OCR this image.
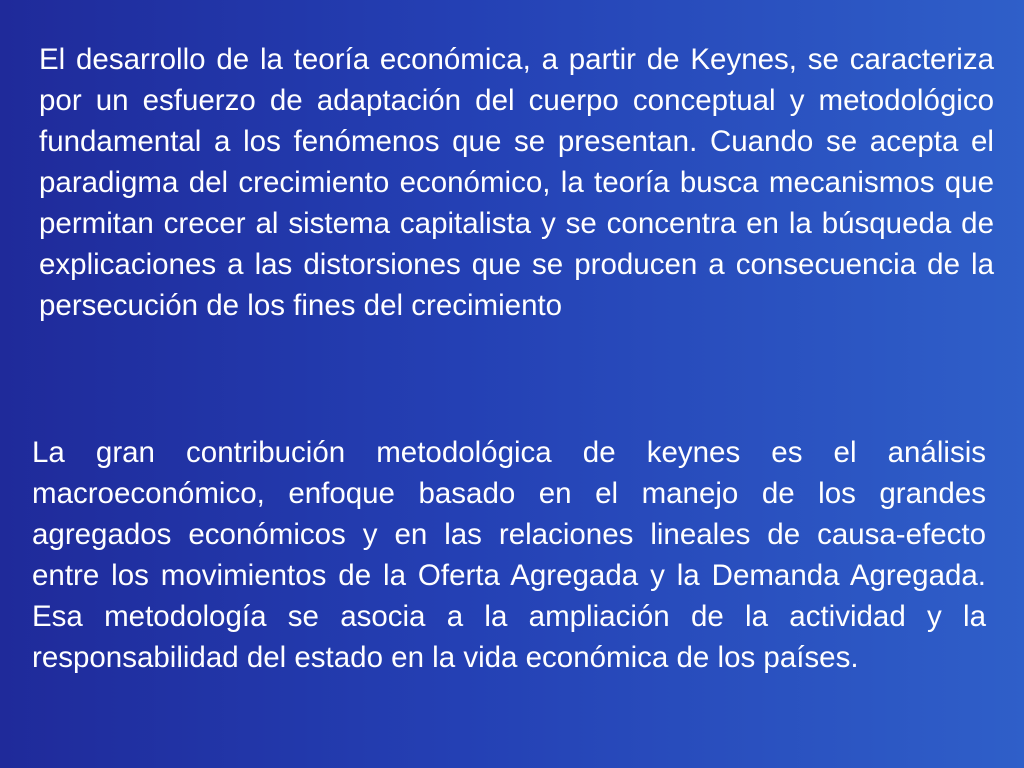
El desarrollo de la teoría económica, a partir de Keynes, se caracteriza por un esfuerzo de adaptación del cuerpo conceptual y metodológico fundamental a los fenómenos que se presentan. Cuando se acepta el paradigma del crecimiento económico, la teoría busca mecanismos que permitan crecer al sistema capitalista y se concentra en la búsqueda de explicaciones a las distorsiones que se producen a consecuencia de la persecución de los fines del crecimiento

La gran contribución metodológica de keynes es el análisis macroeconómico, enfoque basado en el manejo de los grandes agregados económicos y en las relaciones lineales de causa-efecto entre los movimientos de la Oferta Agregada y la Demanda Agregada. Esa metodología se asocia a la ampliación de la actividad y la responsabilidad del estado en la vida económica de los países.
